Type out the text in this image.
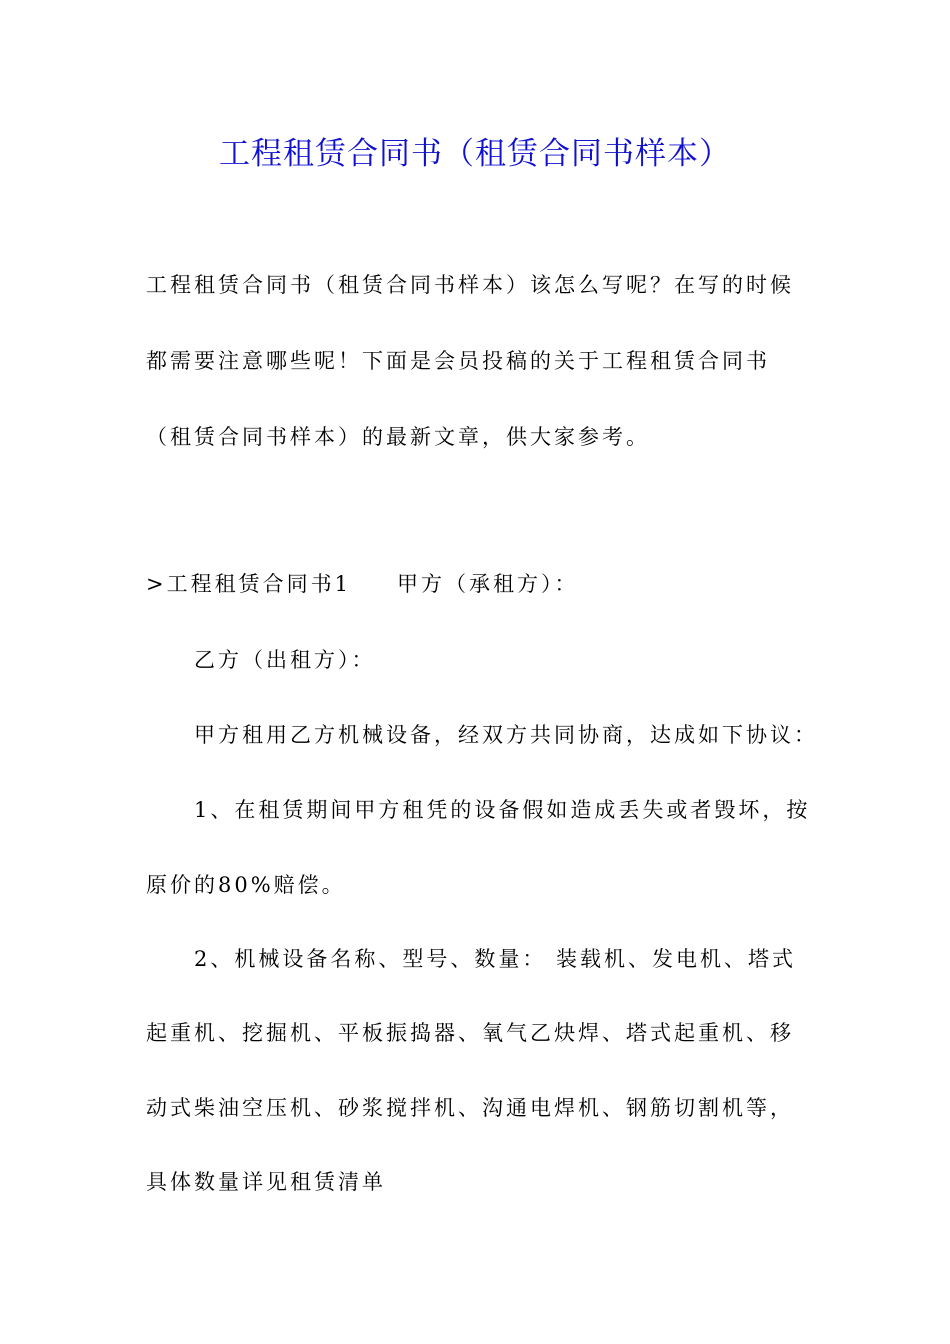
工程租赁合同书（租赁合同书样本）
工程租赁合同书（租赁合同书样本）该怎么写呢？在写的时候
都需要注意哪些呢！下面是会员投稿的关于工程租赁合同书
（租赁合同书样本）的最新文章，供大家参考。
>工程租赁合同书1 甲方（承租方）：
乙方（出租方）：
甲方租用乙方机械设备，经双方共同协商，达成如下协议：
1、在租赁期间甲方租凭的设备假如造成丢失或者毁坏，按
原价的80%赔偿。
2、机械设备名称、型号、数量： 装载机、发电机、塔式
起重机、挖掘机、平板振捣器、氧气乙炔焊、塔式起重机、移
动式柴油空压机、砂浆搅拌机、沟通电焊机、钢筋切割机等，
具体数量详见租赁清单
